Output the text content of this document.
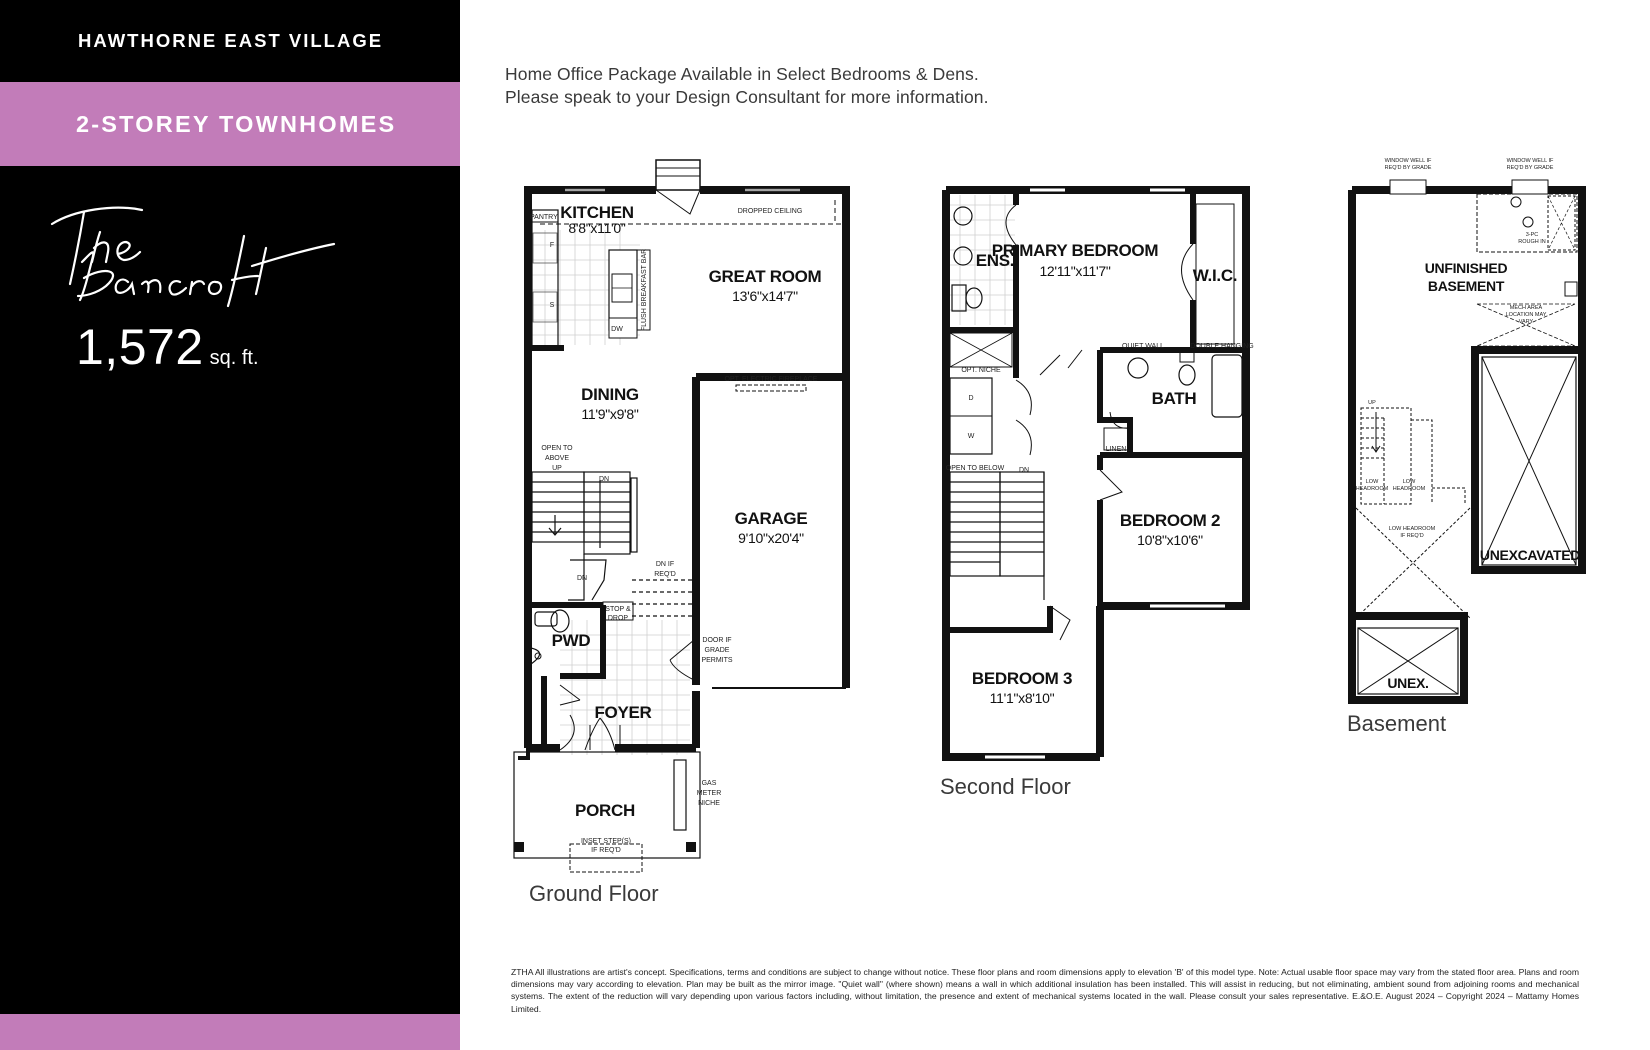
HAWTHORNE EAST VILLAGE
2-STOREY TOWNHOMES
1,572 sq. ft.
Home Office Package Available in Select Bedrooms & Dens.
Please speak to your Design Consultant for more information.
KITCHEN
8'8"x11'0"
GREAT ROOM
13'6"x14'7"
DINING
11'9"x9'8"
GARAGE
9'10"x20'4"
PWD
FOYER
PORCH
PANTRY
DROPPED CEILING
FLUSH BREAKFAST BAR
F
S
DW
OPT. ELECTRIC FIREPLACE
OPEN TO
ABOVE
UP
DN
DN
DN IF
REQ'D
STOP &
DROP
DOOR IF
GRADE
PERMITS
GAS
METER
NICHE
INSET STEP(S)
IF REQ'D
PRIMARY BEDROOM
12'11"x11'7"
ENS.
W.I.C.
BATH
BEDROOM 2
10'8"x10'6"
BEDROOM 3
11'1"x8'10"
QUIET WALL	DOUBLE HANGING
OPT. NICHE
D
W
LINEN
OPEN TO BELOW DN
UNFINISHED
BASEMENT
UNEXCAVATED
UNEX.
WINDOW WELL IF
REQ'D BY GRADE
WINDOW WELL IF
REQ'D BY GRADE
3-PC
ROUGH IN
MECH AREA
LOCATION MAY
VARY
UP
LOW
HEADROOM
LOW
HEADROOM
LOW HEADROOM
IF REQ'D
Ground Floor
Second Floor
Basement
ZTHA All illustrations are artist's concept. Specifications, terms and conditions are subject to change without notice. These floor plans and room dimensions apply to elevation 'B' of this model type. Note: Actual usable floor space may vary from the stated floor area. Plans and room dimensions may vary according to elevation. Plan may be built as the mirror image. "Quiet wall" (where shown) means a wall in which additional insulation has been installed. This will assist in reducing, but not eliminating, ambient sound from adjoining rooms and mechanical systems. The extent of the reduction will vary depending upon various factors including, without limitation, the presence and extent of mechanical systems located in the wall. Please consult your sales representative. E.&O.E. August 2024 – Copyright 2024 – Mattamy Homes Limited.
